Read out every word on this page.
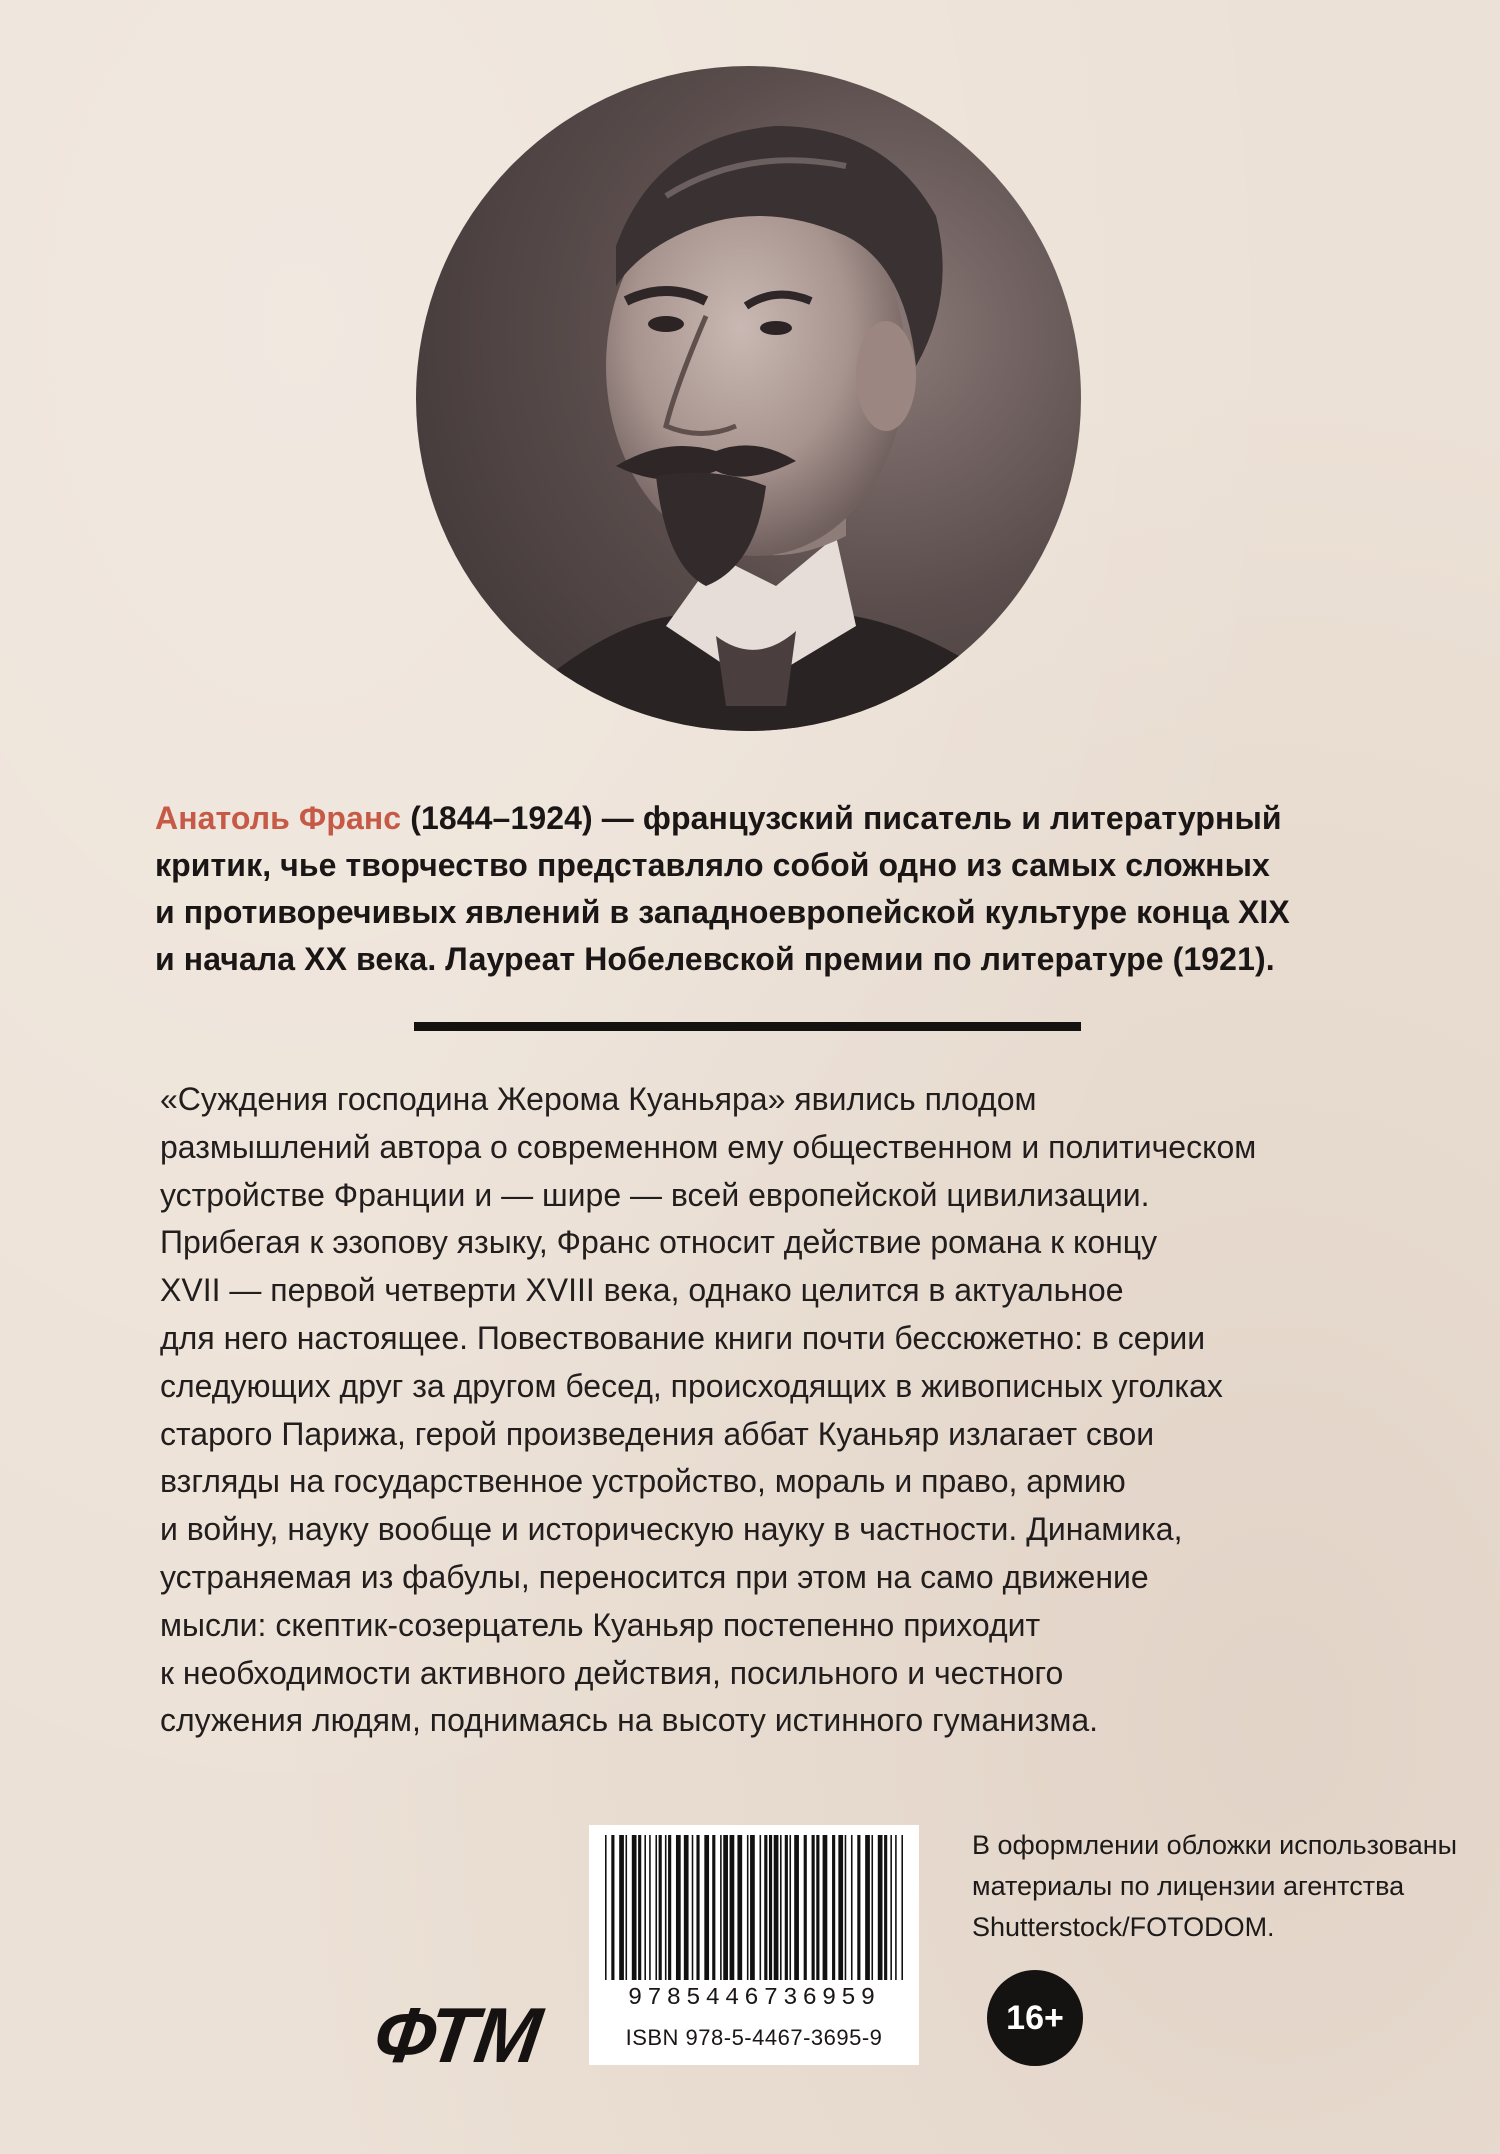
Анатоль Франс (1844–1924) — французский писатель и литературный
критик, чье творчество представляло собой одно из самых сложных
и противоречивых явлений в западноевропейской культуре конца XIX
и начала XX века. Лауреат Нобелевской премии по литературе (1921).
«Суждения господина Жерома Куаньяра» явились плодом
размышлений автора о современном ему общественном и политическом
устройстве Франции и — шире — всей европейской цивилизации.
Прибегая к эзопову языку, Франс относит действие романа к концу
XVII — первой четверти XVIII века, однако целится в актуальное
для него настоящее. Повествование книги почти бессюжетно: в серии
следующих друг за другом бесед, происходящих в живописных уголках
старого Парижа, герой произведения аббат Куаньяр излагает свои
взгляды на государственное устройство, мораль и право, армию
и войну, науку вообще и историческую науку в частности. Динамика,
устраняемая из фабулы, переносится при этом на само движение
мысли: скептик-созерцатель Куаньяр постепенно приходит
к необходимости активного действия, посильного и честного
служения людям, поднимаясь на высоту истинного гуманизма.
9785446736959
ISBN 978-5-4467-3695-9
ФТМ
В оформлении обложки использованы
материалы по лицензии агентства
Shutterstock/FOTODOM.
16+
